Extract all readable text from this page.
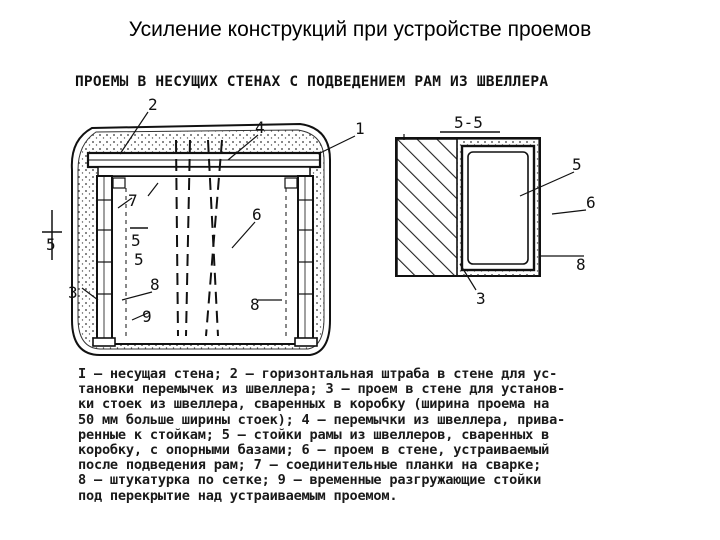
Усиление конструкций при устройстве проемов
ПРОЕМЫ В НЕСУЩИХ СТЕНАХ С ПОДВЕДЕНИЕМ РАМ ИЗ ШВЕЛЛЕРА
5	5
2
4	1
7
5
6
3	8
9
8
5-5
5
6
8
3
I – несущая стена; 2 – горизонтальная штраба в стене для ус-
тановки перемычек из швеллера; 3 – проем в стене для установ-
ки стоек из швеллера, сваренных в коробку (ширина проема на
50 мм больше ширины стоек); 4 – перемычки из швеллера, прива-
ренные к стойкам; 5 – стойки рамы из швеллеров, сваренных в
коробку, с опорными базами; 6 – проем в стене, устраиваемый
после подведения рам; 7 – соединительные планки на сварке;
8 – штукатурка по сетке; 9 – временные разгружающие стойки
под перекрытие над устраиваемым проемом.
